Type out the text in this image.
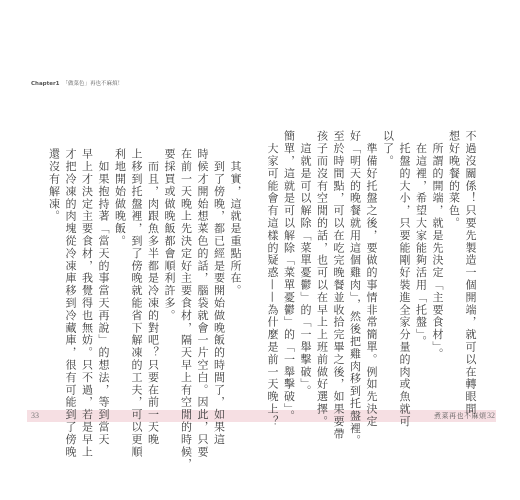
Chapter1 「做菜色」再也不麻煩！
33	煮菜再也不麻煩 32
不過沒關係！只要先製造一個開端，就可以在轉眼間
想好晚餐的菜色。
　所謂的開端，就是先決定「主要食材」。
　在這裡，希望大家能夠活用「托盤」。
　托盤的大小，只要能剛好裝進全家分量的肉或魚就可
以了。
　準備好托盤之後，要做的事情非常簡單。例如先決定
好「明天的晚餐就用這個雞肉」，然後把雞肉移到托盤裡。
至於時間點，可以在吃完晚餐並收拾完畢之後，如果要帶
孩子而沒有空閒的話，也可以在早上上班前做好選擇。
　這就是可以解除「菜單憂鬱」的「一舉擊破」。
簡單，這就是可以解除「菜單憂鬱」的「一舉擊破」。
　大家可能會有這樣的疑惑——為什麼是前一天晚上？
　其實，這就是重點所在。
　到了傍晚，都已經是要開始做晚飯的時間了，如果這
時候才開始想菜色的話，腦袋就會一片空白。因此，只要
在前一天晚上先決定好主要食材，隔天早上有空閒的時候，
要採買或做晚飯都會順利許多。
　而且，肉跟魚多半都是冷凍的對吧？只要在前一天晚
上移到托盤裡，到了傍晚就能省下解凍的工夫，可以更順
利地開始做晚飯。
　如果抱持著「當天的事當天再說」的想法，等到當天
早上才決定主要食材，我覺得也無妨。只不過，若是早上
才把冷凍的肉塊從冷凍庫移到冷藏庫，很有可能到了傍晚
還沒有解凍。
